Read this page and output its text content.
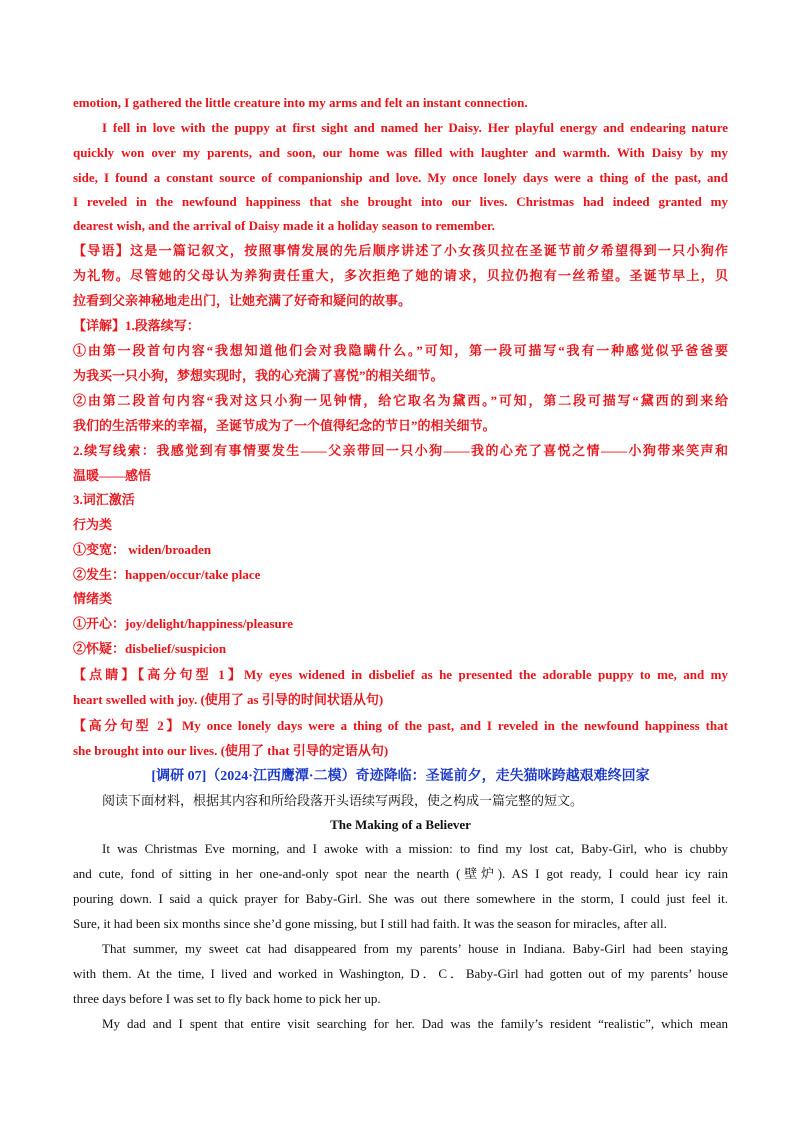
emotion, I gathered the little creature into my arms and felt an instant connection.
I fell in love with the puppy at first sight and named her Daisy. Her playful energy and endearing nature
quickly won over my parents, and soon, our home was filled with laughter and warmth. With Daisy by my
side, I found a constant source of companionship and love. My once lonely days were a thing of the past, and
I reveled in the newfound happiness that she brought into our lives. Christmas had indeed granted my
dearest wish, and the arrival of Daisy made it a holiday season to remember.
【导语】这是一篇记叙文，按照事情发展的先后顺序讲述了小女孩贝拉在圣诞节前夕希望得到一只小狗作
为礼物。尽管她的父母认为养狗责任重大，多次拒绝了她的请求，贝拉仍抱有一丝希望。圣诞节早上，贝
拉看到父亲神秘地走出门，让她充满了好奇和疑问的故事。
【详解】1.段落续写：
①由第一段首句内容“我想知道他们会对我隐瞒什么。”可知，第一段可描写“我有一种感觉似乎爸爸要
为我买一只小狗，梦想实现时，我的心充满了喜悦”的相关细节。
②由第二段首句内容“我对这只小狗一见钟情，给它取名为黛西。”可知，第二段可描写“黛西的到来给
我们的生活带来的幸福，圣诞节成为了一个值得纪念的节日”的相关细节。
2.续写线索：我感觉到有事情要发生——父亲带回一只小狗——我的心充了喜悦之情——小狗带来笑声和
温暖——感悟
3.词汇激活
行为类
①变宽： widen/broaden
②发生：happen/occur/take place
情绪类
①开心：joy/delight/happiness/pleasure
②怀疑：disbelief/suspicion
【点睛】【高分句型 1】My eyes widened in disbelief as he presented the adorable puppy to me, and my
heart swelled with joy. (使用了 as 引导的时间状语从句)
【高分句型 2】My once lonely days were a thing of the past, and I reveled in the newfound happiness that
she brought into our lives. (使用了 that 引导的定语从句)
[调研 07]（2024·江西鹰潭·二模）奇迹降临：圣诞前夕，走失猫咪跨越艰难终回家
阅读下面材料，根据其内容和所给段落开头语续写两段，使之构成一篇完整的短文。
The Making of a Believer
It was Christmas Eve morning, and I awoke with a mission: to find my lost cat, Baby-Girl, who is chubby
and cute, fond of sitting in her one-and-only spot near the nearth (壁炉). AS I got ready, I could hear icy rain
pouring down. I said a quick prayer for Baby-Girl. She was out there somewhere in the storm, I could just feel it.
Sure, it had been six months since she’d gone missing, but I still had faith. It was the season for miracles, after all.
That summer, my sweet cat had disappeared from my parents’ house in Indiana. Baby-Girl had been staying
with them. At the time, I lived and worked in Washington, D．C．Baby-Girl had gotten out of my parents’ house
three days before I was set to fly back home to pick her up.
My dad and I spent that entire visit searching for her. Dad was the family’s resident “realistic”, which mean
